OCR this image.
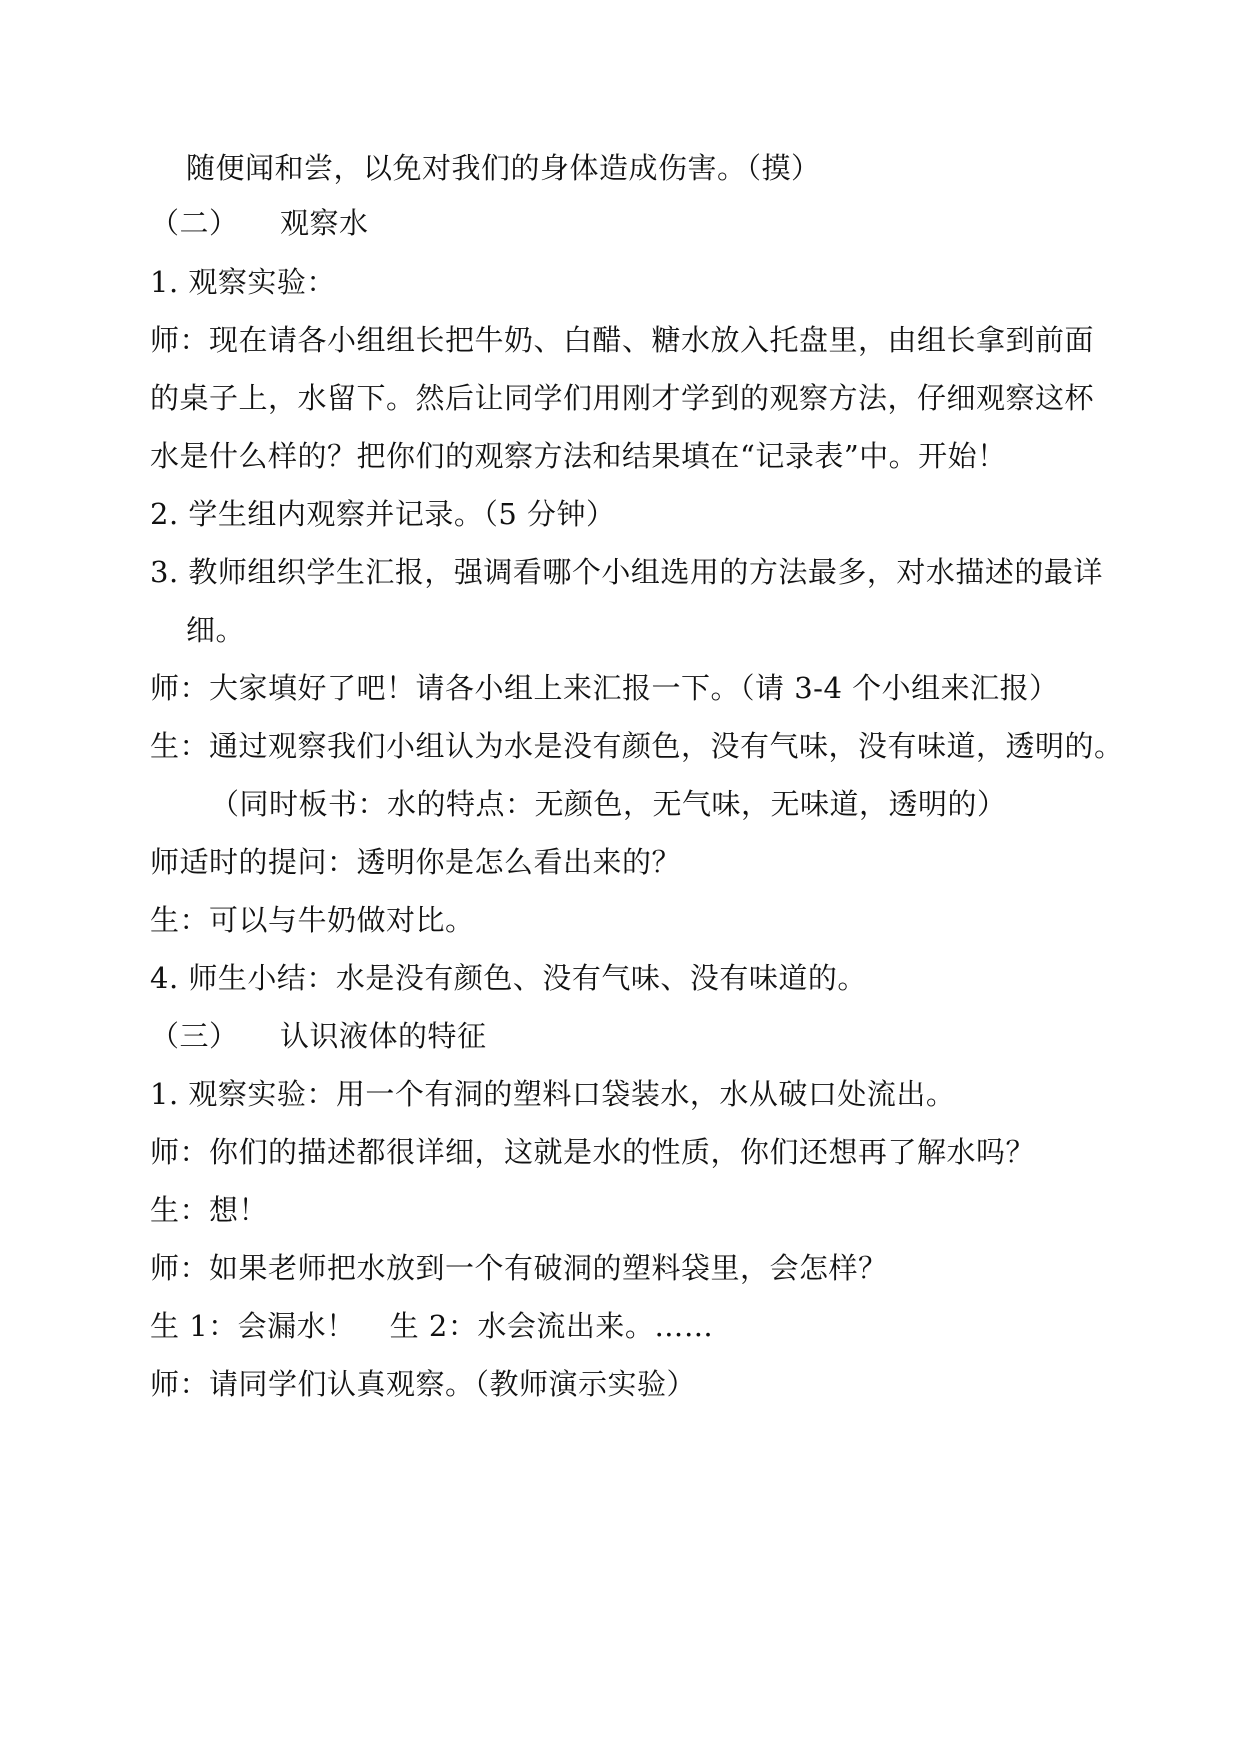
随便闻和尝，以免对我们的身体造成伤害。（摸）
（二） 观察水
1. 观察实验：
师：现在请各小组组长把牛奶、白醋、糖水放入托盘里，由组长拿到前面
的桌子上，水留下。然后让同学们用刚才学到的观察方法，仔细观察这杯
水是什么样的？把你们的观察方法和结果填在“记录表”中。开始！
2. 学生组内观察并记录。（5 分钟）
3. 教师组织学生汇报，强调看哪个小组选用的方法最多，对水描述的最详
细。
师：大家填好了吧！请各小组上来汇报一下。（请 3-4 个小组来汇报）
生：通过观察我们小组认为水是没有颜色，没有气味，没有味道，透明的。
（同时板书：水的特点：无颜色，无气味，无味道，透明的）
师适时的提问：透明你是怎么看出来的？
生：可以与牛奶做对比。
4. 师生小结：水是没有颜色、没有气味、没有味道的。
（三） 认识液体的特征
1. 观察实验：用一个有洞的塑料口袋装水，水从破口处流出。
师：你们的描述都很详细，这就是水的性质，你们还想再了解水吗？
生：想！
师：如果老师把水放到一个有破洞的塑料袋里，会怎样？
生 1：会漏水！ 生 2：水会流出来。……
师：请同学们认真观察。（教师演示实验）
